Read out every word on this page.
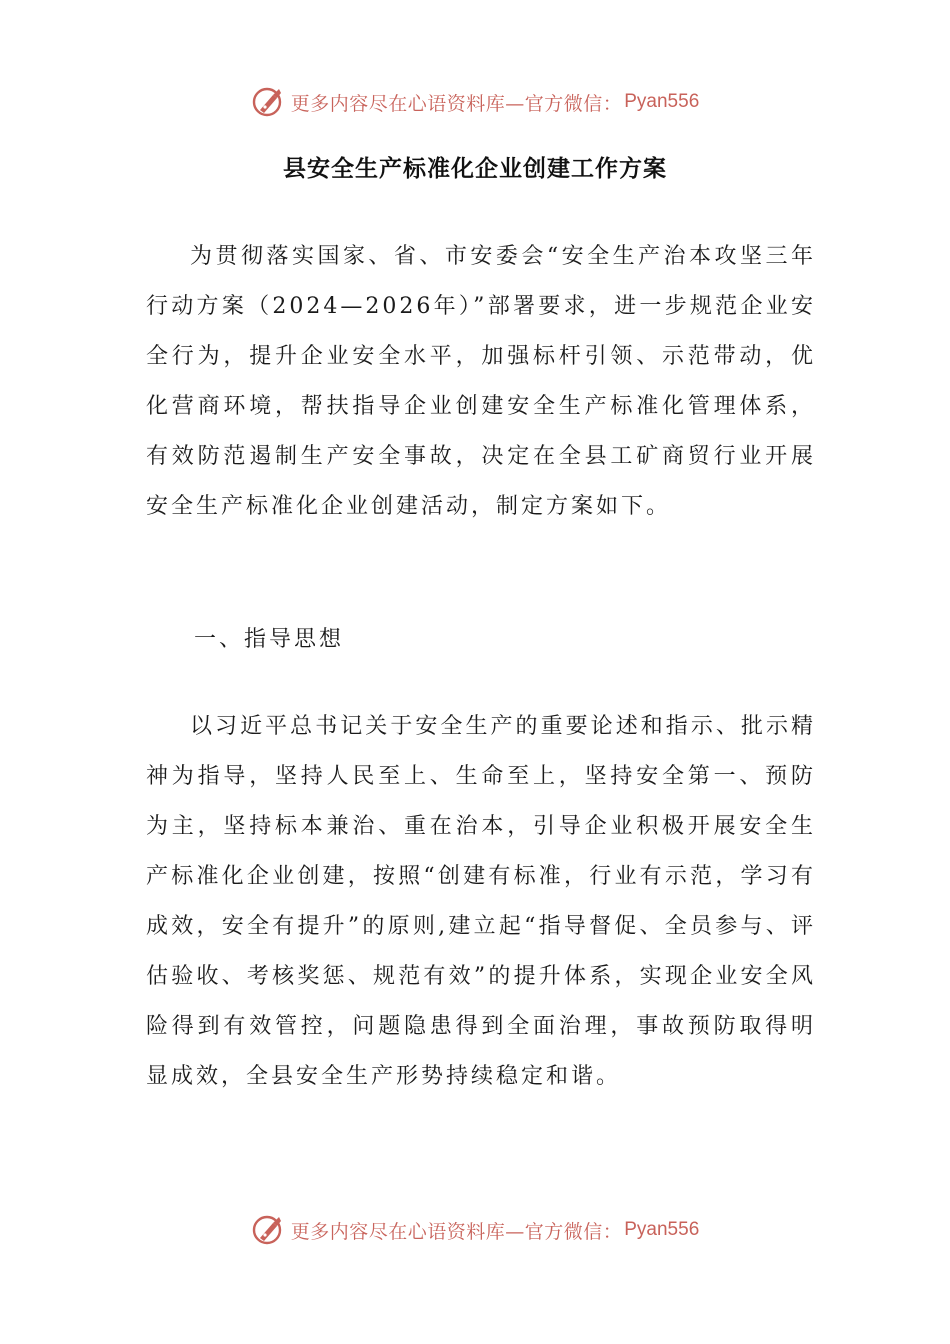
更多内容尽在心语资料库—官方微信： Pyan556
县安全生产标准化企业创建工作方案

为贯彻落实国家、省、市安委会“安全生产治本攻坚三年行动方案（2024—2026年）”部署要求，进一步规范企业安全行为，提升企业安全水平，加强标杆引领、示范带动，优化营商环境，帮扶指导企业创建安全生产标准化管理体系，有效防范遏制生产安全事故，决定在全县工矿商贸行业开展安全生产标准化企业创建活动，制定方案如下。

一、指导思想

以习近平总书记关于安全生产的重要论述和指示、批示精神为指导，坚持人民至上、生命至上，坚持安全第一、预防为主，坚持标本兼治、重在治本，引导企业积极开展安全生产标准化企业创建，按照“创建有标准，行业有示范，学习有成效，安全有提升”的原则,建立起“指导督促、全员参与、评估验收、考核奖惩、规范有效”的提升体系，实现企业安全风险得到有效管控，问题隐患得到全面治理，事故预防取得明显成效，全县安全生产形势持续稳定和谐。

更多内容尽在心语资料库—官方微信： Pyan556
